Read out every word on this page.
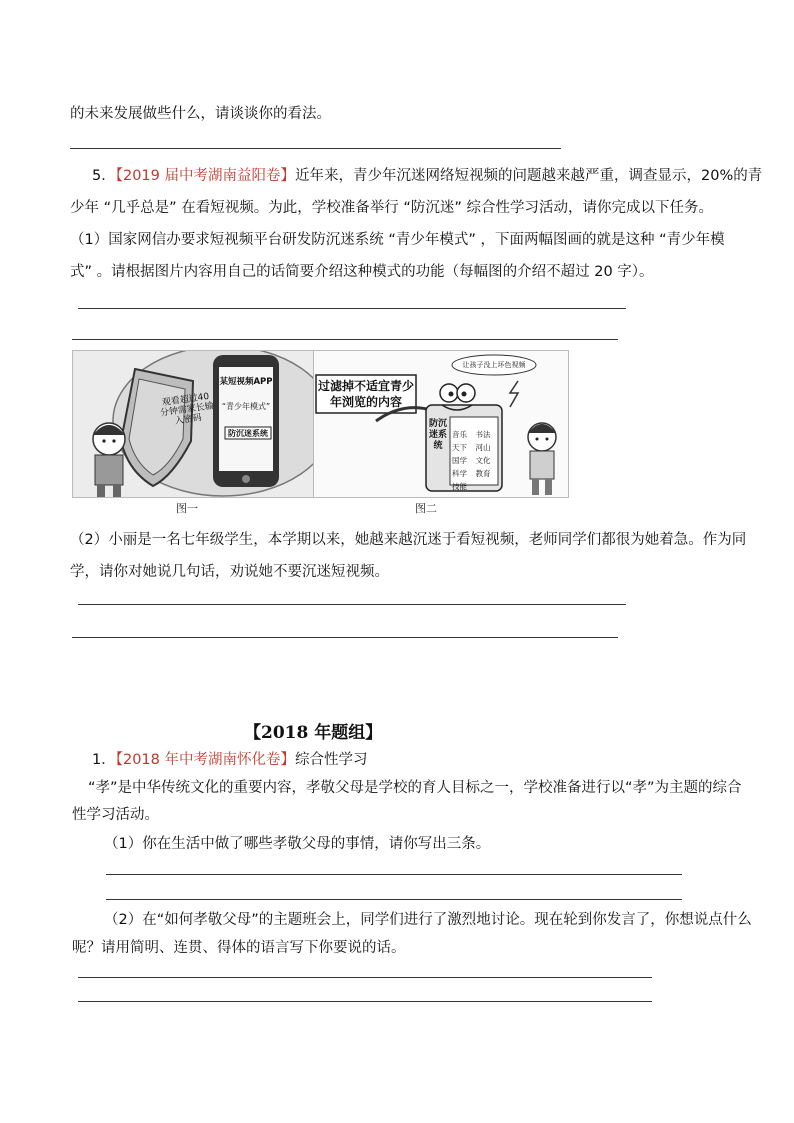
的未来发展做些什么，请谈谈你的看法。
5．【2019 届中考湖南益阳卷】近年来，青少年沉迷网络短视频的问题越来越严重，调查显示，20%的青
少年 “几乎总是” 在看短视频。为此，学校准备举行 “防沉迷” 综合性学习活动，请你完成以下任务。
（1）国家网信办要求短视频平台研发防沉迷系统 “青少年模式” ，下面两幅图画的就是这种 “青少年模
式” 。请根据图片内容用自己的话简要介绍这种模式的功能（每幅图的介绍不超过 20 字）。
观看超过40分钟需家长输入密码
某短视频APP
“青少年模式”
防沉迷系统
图一
过滤掉不适宜青少年浏览的内容
让孩子没上坏色视频
防沉迷系统
音乐	书法
天下	河山
国学	文化
科学	教育
技能
图二
（2）小丽是一名七年级学生，本学期以来，她越来越沉迷于看短视频，老师同学们都很为她着急。作为同
学，请你对她说几句话，劝说她不要沉迷短视频。
【2018 年题组】
1．【2018 年中考湖南怀化卷】综合性学习
“孝”是中华传统文化的重要内容，孝敬父母是学校的育人目标之一，学校准备进行以“孝”为主题的综合
性学习活动。
（1）你在生活中做了哪些孝敬父母的事情，请你写出三条。
（2）在“如何孝敬父母”的主题班会上，同学们进行了激烈地讨论。现在轮到你发言了，你想说点什么
呢？请用简明、连贯、得体的语言写下你要说的话。
